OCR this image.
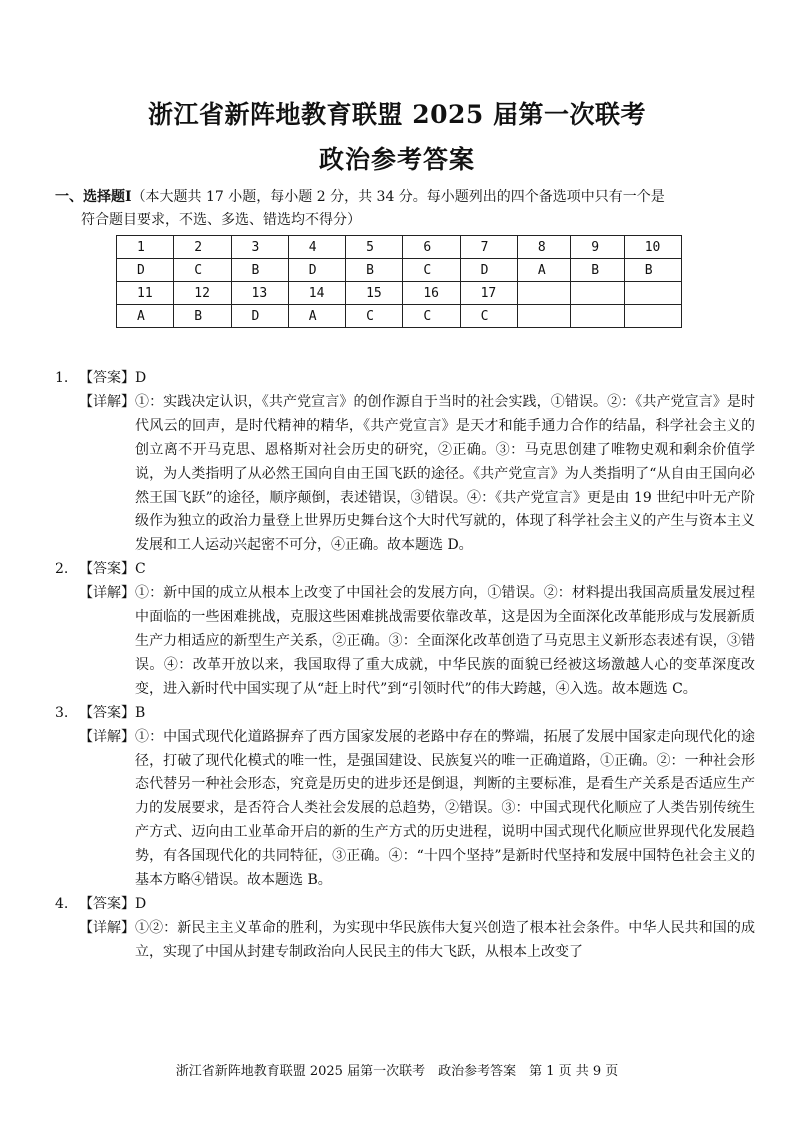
浙江省新阵地教育联盟 2025 届第一次联考
政治参考答案
一、选择题Ⅰ（本大题共 17 小题，每小题 2 分，共 34 分。每小题列出的四个备选项中只有一个是
符合题目要求，不选、多选、错选均不得分）
1	2	3	4	5	6	7	8	9	10
D	C	B	D	B	C	D	A	B	B
11	12	13	14	15	16	17			
A	B	D	A	C	C	C			
1. 【答案】 D
【详解】 ①：实践决定认识，《共产党宣言》的创作源自于当时的社会实践，①错误。②：《共产党宣言》是时代风云的回声，是时代精神的精华，《共产党宣言》是天才和能手通力合作的结晶，科学社会主义的创立离不开马克思、恩格斯对社会历史的研究，②正确。③：马克思创建了唯物史观和剩余价值学说，为人类指明了从必然王国向自由王国飞跃的途径。《共产党宣言》为人类指明了“从自由王国向必然王国飞跃”的途径，顺序颠倒，表述错误，③错误。④：《共产党宣言》更是由 19 世纪中叶无产阶级作为独立的政治力量登上世界历史舞台这个大时代写就的，体现了科学社会主义的产生与资本主义发展和工人运动兴起密不可分，④正确。故本题选 D。
2. 【答案】 C
【详解】 ①：新中国的成立从根本上改变了中国社会的发展方向，①错误。②：材料提出我国高质量发展过程中面临的一些困难挑战，克服这些困难挑战需要依靠改革，这是因为全面深化改革能形成与发展新质生产力相适应的新型生产关系，②正确。③：全面深化改革创造了马克思主义新形态表述有误，③错误。④：改革开放以来，我国取得了重大成就，中华民族的面貌已经被这场激越人心的变革深度改变，进入新时代中国实现了从“赶上时代”到“引领时代”的伟大跨越，④入选。故本题选 C。
3. 【答案】 B
【详解】 ①：中国式现代化道路摒弃了西方国家发展的老路中存在的弊端，拓展了发展中国家走向现代化的途径，打破了现代化模式的唯一性，是强国建设、民族复兴的唯一正确道路，①正确。②：一种社会形态代替另一种社会形态，究竟是历史的进步还是倒退，判断的主要标准，是看生产关系是否适应生产力的发展要求，是否符合人类社会发展的总趋势，②错误。③：中国式现代化顺应了人类告别传统生产方式、迈向由工业革命开启的新的生产方式的历史进程，说明中国式现代化顺应世界现代化发展趋势，有各国现代化的共同特征，③正确。④：“十四个坚持”是新时代坚持和发展中国特色社会主义的基本方略④错误。故本题选 B。
4. 【答案】 D
【详解】 ①②：新民主主义革命的胜利，为实现中华民族伟大复兴创造了根本社会条件。中华人民共和国的成立，实现了中国从封建专制政治向人民民主的伟大飞跃，从根本上改变了
浙江省新阵地教育联盟 2025 届第一次联考　政治参考答案　第 1 页 共 9 页
